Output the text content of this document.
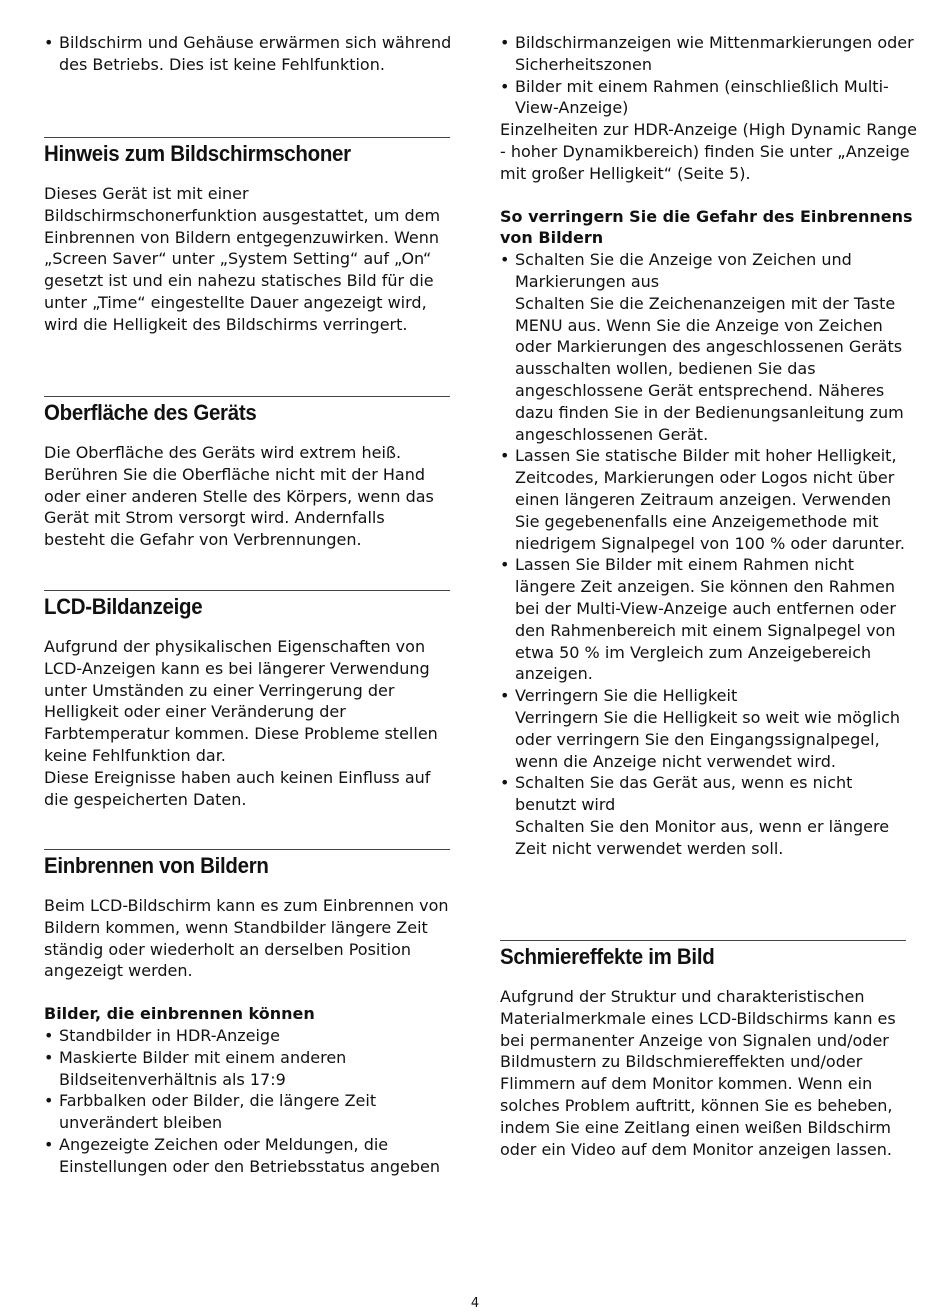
• Bildschirm und Gehäuse erwärmen sich während des Betriebs. Dies ist keine Fehlfunktion.
Hinweis zum Bildschirmschoner

Dieses Gerät ist mit einer Bildschirmschonerfunktion ausgestattet, um dem Einbrennen von Bildern entgegenzuwirken. Wenn „Screen Saver“ unter „System Setting“ auf „On“ gesetzt ist und ein nahezu statisches Bild für die unter „Time“ eingestellte Dauer angezeigt wird, wird die Helligkeit des Bildschirms verringert.

Oberfläche des Geräts

Die Oberfläche des Geräts wird extrem heiß. Berühren Sie die Oberfläche nicht mit der Hand oder einer anderen Stelle des Körpers, wenn das Gerät mit Strom versorgt wird. Andernfalls besteht die Gefahr von Verbrennungen.

LCD-Bildanzeige

Aufgrund der physikalischen Eigenschaften von LCD-Anzeigen kann es bei längerer Verwendung unter Umständen zu einer Verringerung der Helligkeit oder einer Veränderung der Farbtemperatur kommen. Diese Probleme stellen keine Fehlfunktion dar.

Diese Ereignisse haben auch keinen Einfluss auf die gespeicherten Daten.

Einbrennen von Bildern

Beim LCD-Bildschirm kann es zum Einbrennen von Bildern kommen, wenn Standbilder längere Zeit ständig oder wiederholt an derselben Position angezeigt werden.

Bilder, die einbrennen können

• Standbilder in HDR-Anzeige
• Maskierte Bilder mit einem anderen Bildseitenverhältnis als 17:9
• Farbbalken oder Bilder, die längere Zeit unverändert bleiben
• Angezeigte Zeichen oder Meldungen, die Einstellungen oder den Betriebsstatus angeben
• Bildschirmanzeigen wie Mittenmarkierungen oder Sicherheitszonen
• Bilder mit einem Rahmen (einschließlich Multi-View-Anzeige)

Einzelheiten zur HDR-Anzeige (High Dynamic Range - hoher Dynamikbereich) finden Sie unter „Anzeige mit großer Helligkeit“ (Seite 5).

So verringern Sie die Gefahr des Einbrennens von Bildern

• Schalten Sie die Anzeige von Zeichen und Markierungen aus
Schalten Sie die Zeichenanzeigen mit der Taste MENU aus. Wenn Sie die Anzeige von Zeichen oder Markierungen des angeschlossenen Geräts ausschalten wollen, bedienen Sie das angeschlossene Gerät entsprechend. Näheres dazu finden Sie in der Bedienungsanleitung zum angeschlossenen Gerät.
• Lassen Sie statische Bilder mit hoher Helligkeit, Zeitcodes, Markierungen oder Logos nicht über einen längeren Zeitraum anzeigen. Verwenden Sie gegebenenfalls eine Anzeigemethode mit niedrigem Signalpegel von 100 % oder darunter.
• Lassen Sie Bilder mit einem Rahmen nicht längere Zeit anzeigen. Sie können den Rahmen bei der Multi-View-Anzeige auch entfernen oder den Rahmenbereich mit einem Signalpegel von etwa 50 % im Vergleich zum Anzeigebereich anzeigen.
• Verringern Sie die Helligkeit
Verringern Sie die Helligkeit so weit wie möglich oder verringern Sie den Eingangssignalpegel, wenn die Anzeige nicht verwendet wird.
• Schalten Sie das Gerät aus, wenn es nicht benutzt wird
Schalten Sie den Monitor aus, wenn er längere Zeit nicht verwendet werden soll.
Schmiereffekte im Bild

Aufgrund der Struktur und charakteristischen Materialmerkmale eines LCD-Bildschirms kann es bei permanenter Anzeige von Signalen und/oder Bildmustern zu Bildschmiereffekten und/oder Flimmern auf dem Monitor kommen. Wenn ein solches Problem auftritt, können Sie es beheben, indem Sie eine Zeitlang einen weißen Bildschirm oder ein Video auf dem Monitor anzeigen lassen.

4
